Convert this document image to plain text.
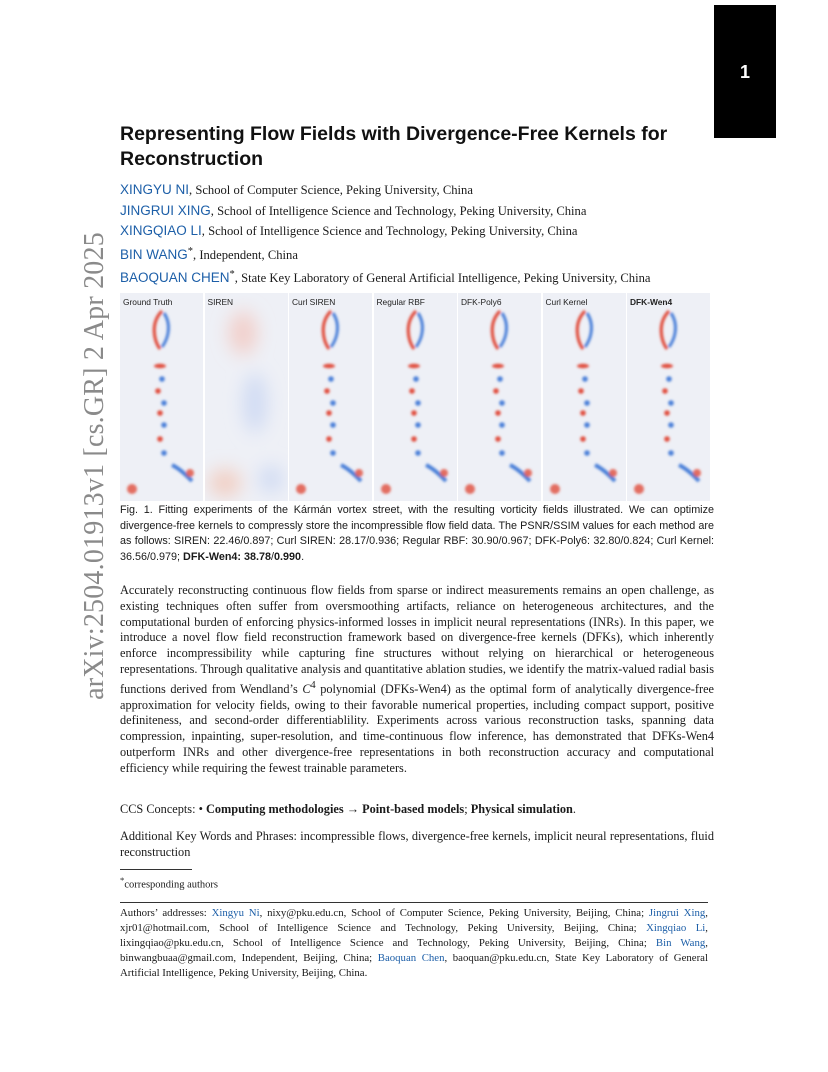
1
arXiv:2504.01913v1 [cs.GR] 2 Apr 2025
Representing Flow Fields with Divergence-Free Kernels for Reconstruction
XINGYU NI, School of Computer Science, Peking University, China
JINGRUI XING, School of Intelligence Science and Technology, Peking University, China
XINGQIAO LI, School of Intelligence Science and Technology, Peking University, China
BIN WANG*, Independent, China
BAOQUAN CHEN*, State Key Laboratory of General Artificial Intelligence, Peking University, China
Ground Truth	SIREN	Curl SIREN	Regular RBF	DFK-Poly6	Curl Kernel	DFK-Wen4
Fig. 1. Fitting experiments of the Kármán vortex street, with the resulting vorticity fields illustrated. We can optimize divergence-free kernels to compressly store the incompressible flow field data. The PSNR/SSIM values for each method are as follows: SIREN: 22.46/0.897; Curl SIREN: 28.17/0.936; Regular RBF: 30.90/0.967; DFK-Poly6: 32.80/0.824; Curl Kernel: 36.56/0.979; DFK-Wen4: 38.78/0.990.
Accurately reconstructing continuous flow fields from sparse or indirect measurements remains an open challenge, as existing techniques often suffer from oversmoothing artifacts, reliance on heterogeneous architectures, and the computational burden of enforcing physics-informed losses in implicit neural representations (INRs). In this paper, we introduce a novel flow field reconstruction framework based on divergence-free kernels (DFKs), which inherently enforce incompressibility while capturing fine structures without relying on hierarchical or heterogeneous representations. Through qualitative analysis and quantitative ablation studies, we identify the matrix-valued radial basis functions derived from Wendland’s $C^4$ polynomial (DFKs-Wen4) as the optimal form of analytically divergence-free approximation for velocity fields, owing to their favorable numerical properties, including compact support, positive definiteness, and second-order differentiablility. Experiments across various reconstruction tasks, spanning data compression, inpainting, super-resolution, and time-continuous flow inference, has demonstrated that DFKs-Wen4 outperform INRs and other divergence-free representations in both reconstruction accuracy and computational efficiency while requiring the fewest trainable parameters.
CCS Concepts: • Computing methodologies → Point-based models; Physical simulation.
Additional Key Words and Phrases: incompressible flows, divergence-free kernels, implicit neural representations, fluid reconstruction
*corresponding authors
Authors’ addresses: Xingyu Ni, nixy@pku.edu.cn, School of Computer Science, Peking University, Beijing, China; Jingrui Xing, xjr01@hotmail.com, School of Intelligence Science and Technology, Peking University, Beijing, China; Xingqiao Li, lixingqiao@pku.edu.cn, School of Intelligence Science and Technology, Peking University, Beijing, China; Bin Wang, binwangbuaa@gmail.com, Independent, Beijing, China; Baoquan Chen, baoquan@pku.edu.cn, State Key Laboratory of General Artificial Intelligence, Peking University, Beijing, China.
